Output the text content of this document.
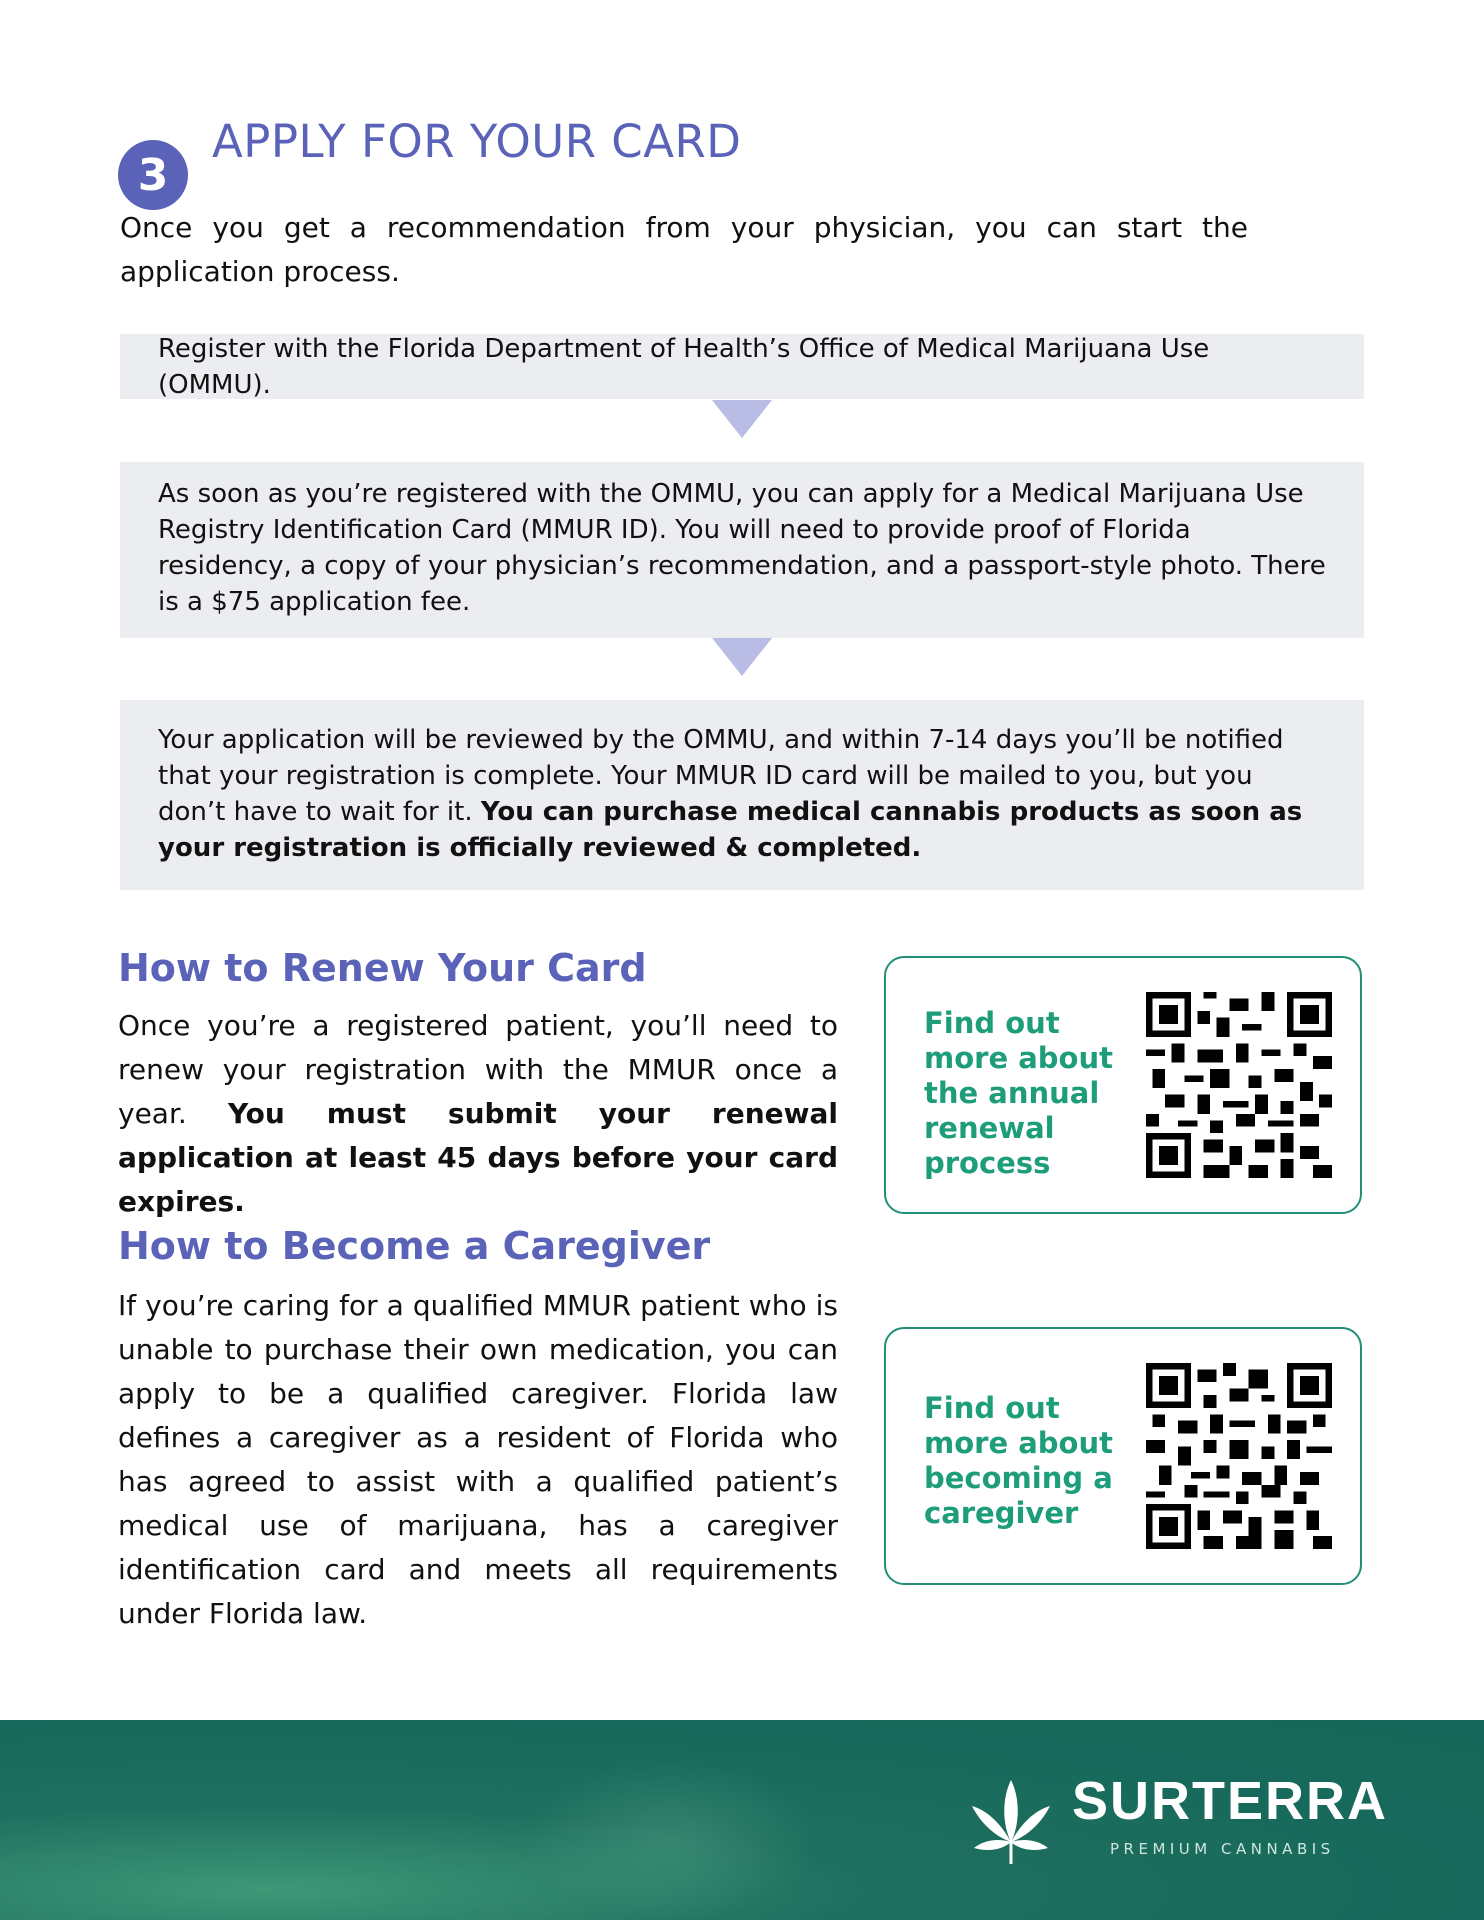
3
APPLY FOR YOUR CARD

Once you get a recommendation from your physician, you can start the application process.

Register with the Florida Department of Health’s Office of Medical Marijuana Use (OMMU).
As soon as you’re registered with the OMMU, you can apply for a Medical Marijuana Use Registry Identification Card (MMUR ID). You will need to provide proof of Florida residency, a copy of your physician’s recommendation, and a passport-style photo. There is a $75 application fee.
Your application will be reviewed by the OMMU, and within 7-14 days you’ll be notified that your registration is complete. Your MMUR ID card will be mailed to you, but you don’t have to wait for it. You can purchase medical cannabis products as soon as your registration is officially reviewed & completed.
How to Renew Your Card

Once you’re a registered patient, you’ll need to renew your registration with the MMUR once a year. You must submit your renewal application at least 45 days before your card expires.

How to Become a Caregiver

If you’re caring for a qualified MMUR patient who is unable to purchase their own medication, you can apply to be a qualified caregiver. Florida law defines a caregiver as a resident of Florida who has agreed to assist with a qualified patient’s medical use of marijuana, has a caregiver identification card and meets all requirements under Florida law.

Find out more about the annual renewal process
Find out more about becoming a caregiver
SURTERRA
PREMIUM CANNABIS
